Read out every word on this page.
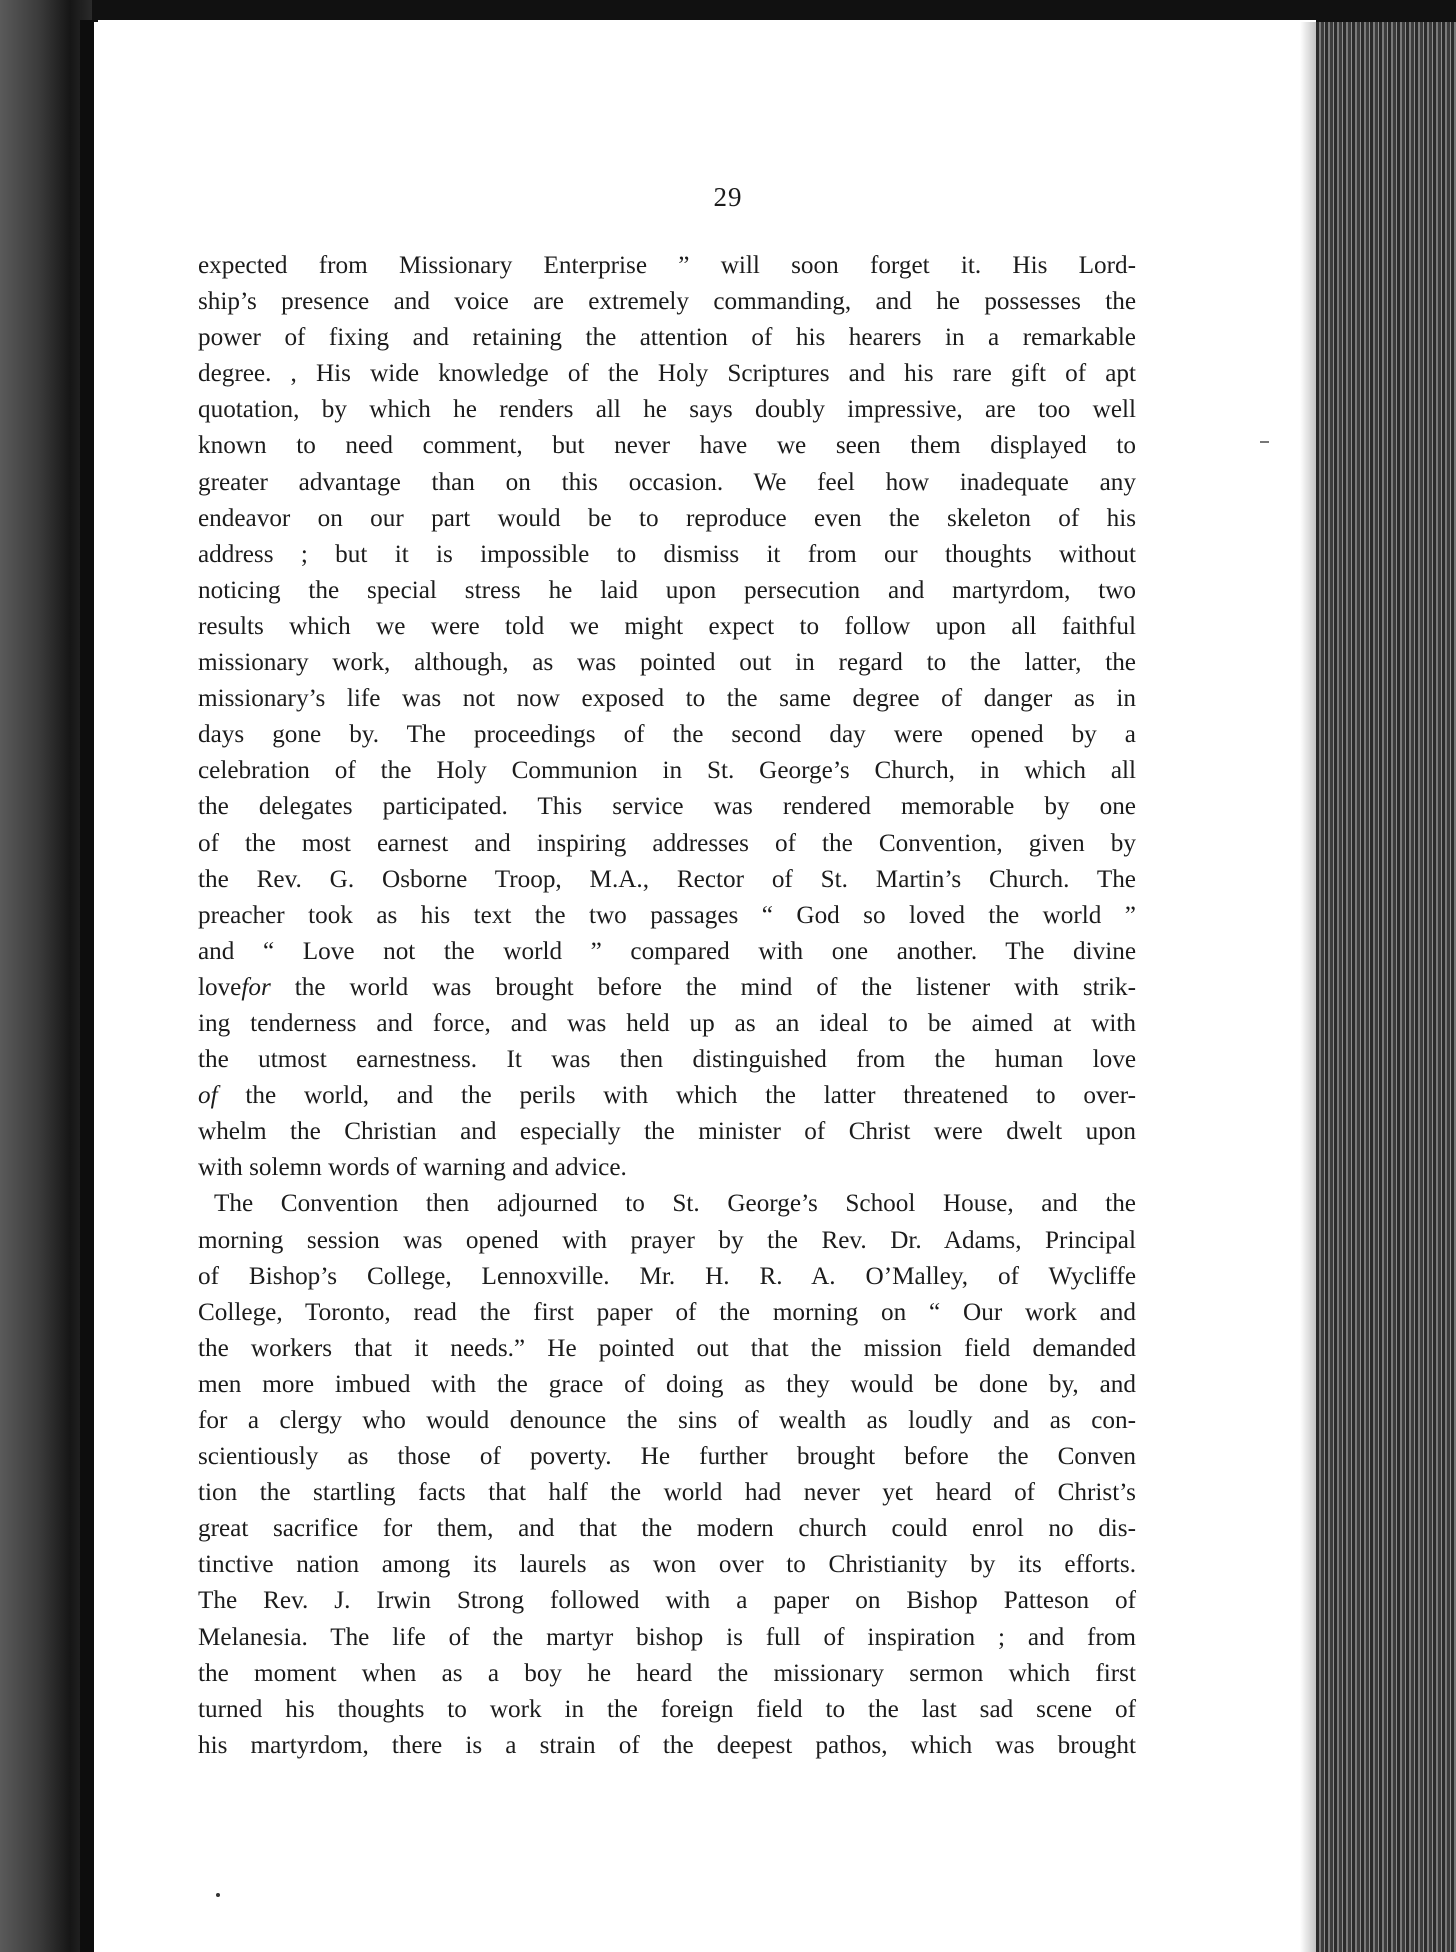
29
expected from Missionary Enterprise ” will soon forget it. His Lord-
ship’s presence and voice are extremely commanding, and he possesses the
power of fixing and retaining the attention of his hearers in a remarkable
degree. , His wide knowledge of the Holy Scriptures and his rare gift of apt
quotation, by which he renders all he says doubly impressive, are too well
known to need comment, but never have we seen them displayed to
greater advantage than on this occasion. We feel how inadequate any
endeavor on our part would be to reproduce even the skeleton of his
address ; but it is impossible to dismiss it from our thoughts without
noticing the special stress he laid upon persecution and martyrdom, two
results which we were told we might expect to follow upon all faithful
missionary work, although, as was pointed out in regard to the latter, the
missionary’s life was not now exposed to the same degree of danger as in
days gone by. The proceedings of the second day were opened by a
celebration of the Holy Communion in St. George’s Church, in which all
the delegates participated. This service was rendered memorable by one
of the most earnest and inspiring addresses of the Convention, given by
the Rev. G. Osborne Troop, M.A., Rector of St. Martin’s Church. The
preacher took as his text the two passages “ God so loved the world ”
and “ Love not the world ” compared with one another. The divine
lovefor the world was brought before the mind of the listener with strik-
ing tenderness and force, and was held up as an ideal to be aimed at with
the utmost earnestness. It was then distinguished from the human love
of the world, and the perils with which the latter threatened to over-
whelm the Christian and especially the minister of Christ were dwelt upon
with solemn words of warning and advice.
The Convention then adjourned to St. George’s School House, and the
morning session was opened with prayer by the Rev. Dr. Adams, Principal
of Bishop’s College, Lennoxville. Mr. H. R. A. O’Malley, of Wycliffe
College, Toronto, read the first paper of the morning on “ Our work and
the workers that it needs.” He pointed out that the mission field demanded
men more imbued with the grace of doing as they would be done by, and
for a clergy who would denounce the sins of wealth as loudly and as con-
scientiously as those of poverty. He further brought before the Conven
tion the startling facts that half the world had never yet heard of Christ’s
great sacrifice for them, and that the modern church could enrol no dis-
tinctive nation among its laurels as won over to Christianity by its efforts.
The Rev. J. Irwin Strong followed with a paper on Bishop Patteson of
Melanesia. The life of the martyr bishop is full of inspiration ; and from
the moment when as a boy he heard the missionary sermon which first
turned his thoughts to work in the foreign field to the last sad scene of
his martyrdom, there is a strain of the deepest pathos, which was brought
